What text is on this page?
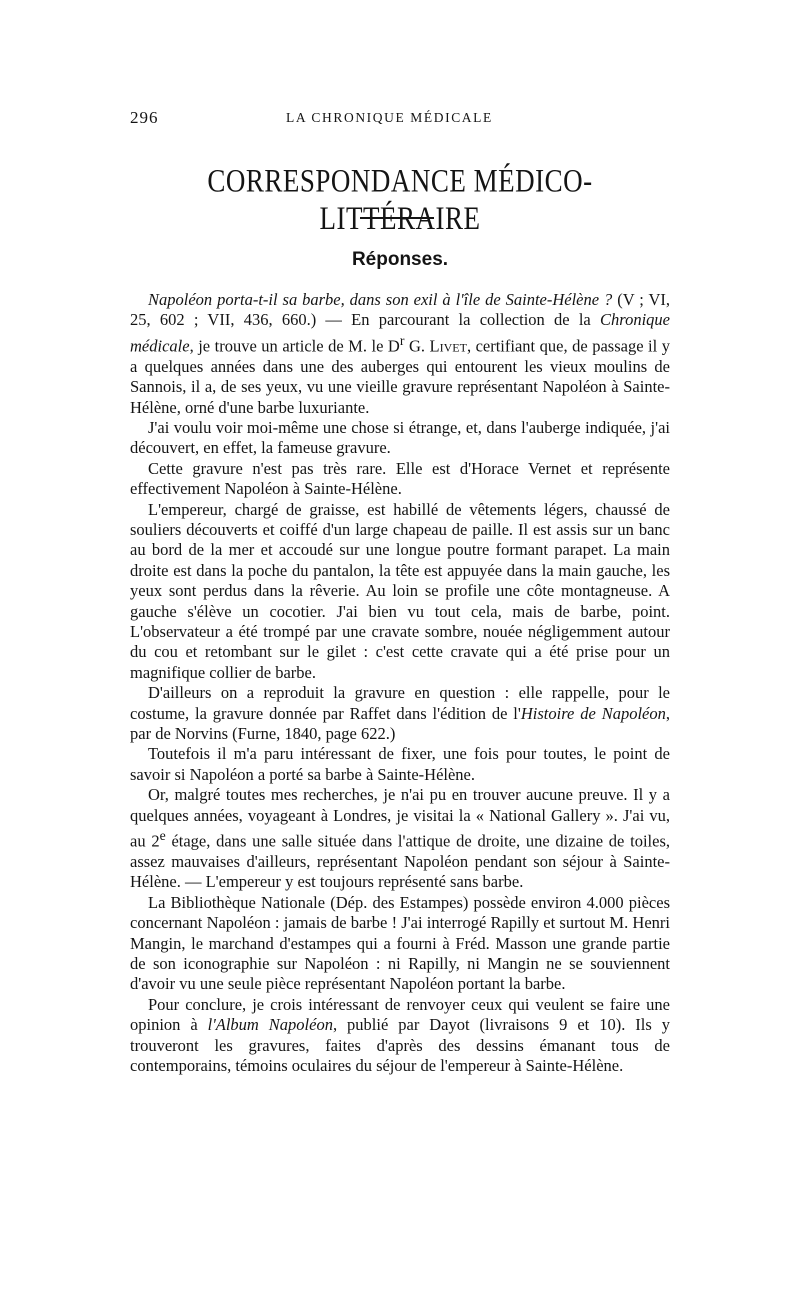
296	LA CHRONIQUE MÉDICALE
CORRESPONDANCE MÉDICO-LITTÉRAIRE
Réponses.

Napoléon porta-t-il sa barbe, dans son exil à l'île de Sainte-Hélène ? (V ; VI, 25, 602 ; VII, 436, 660.) — En parcourant la collection de la Chronique médicale, je trouve un article de M. le $D^r$ G. Livet, certifiant que, de passage il y a quelques années dans une des auberges qui entourent les vieux moulins de Sannois, il a, de ses yeux, vu une vieille gravure représentant Napoléon à Sainte-Hélène, orné d'une barbe luxuriante.

J'ai voulu voir moi-même une chose si étrange, et, dans l'auberge indiquée, j'ai découvert, en effet, la fameuse gravure.

Cette gravure n'est pas très rare. Elle est d'Horace Vernet et représente effectivement Napoléon à Sainte-Hélène.

L'empereur, chargé de graisse, est habillé de vêtements légers, chaussé de souliers découverts et coiffé d'un large chapeau de paille. Il est assis sur un banc au bord de la mer et accoudé sur une longue poutre formant parapet. La main droite est dans la poche du pantalon, la tête est appuyée dans la main gauche, les yeux sont perdus dans la rêverie. Au loin se profile une côte montagneuse. A gauche s'élève un cocotier. J'ai bien vu tout cela, mais de barbe, point. L'observateur a été trompé par une cravate sombre, nouée négligemment autour du cou et retombant sur le gilet : c'est cette cravate qui a été prise pour un magnifique collier de barbe.

D'ailleurs on a reproduit la gravure en question : elle rappelle, pour le costume, la gravure donnée par Raffet dans l'édition de l'Histoire de Napoléon, par de Norvins (Furne, 1840, page 622.)

Toutefois il m'a paru intéressant de fixer, une fois pour toutes, le point de savoir si Napoléon a porté sa barbe à Sainte-Hélène.

Or, malgré toutes mes recherches, je n'ai pu en trouver aucune preuve. Il y a quelques années, voyageant à Londres, je visitai la « National Gallery ». J'ai vu, au 2e étage, dans une salle située dans l'attique de droite, une dizaine de toiles, assez mauvaises d'ailleurs, représentant Napoléon pendant son séjour à Sainte-Hélène. — L'empereur y est toujours représenté sans barbe.

La Bibliothèque Nationale (Dép. des Estampes) possède environ 4.000 pièces concernant Napoléon : jamais de barbe ! J'ai interrogé Rapilly et surtout M. Henri Mangin, le marchand d'estampes qui a fourni à Fréd. Masson une grande partie de son iconographie sur Napoléon : ni Rapilly, ni Mangin ne se souviennent d'avoir vu une seule pièce représentant Napoléon portant la barbe.

Pour conclure, je crois intéressant de renvoyer ceux qui veulent se faire une opinion à l'Album Napoléon, publié par Dayot (livraisons 9 et 10). Ils y trouveront les gravures, faites d'après des dessins émanant tous de contemporains, témoins oculaires du séjour de l'empereur à Sainte-Hélène.
